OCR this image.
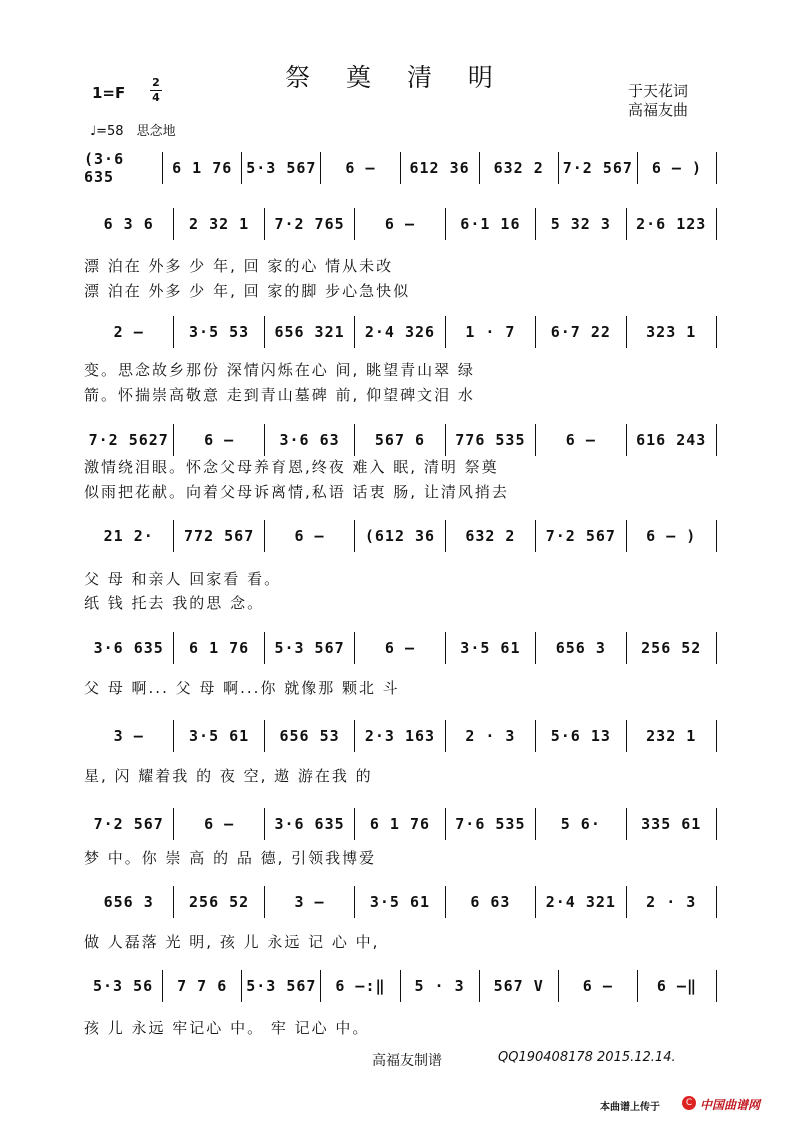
祭 奠 清 明
1=F
2
4	于天花词
高福友曲
♩=58　思念地
(3·6 635	6 1 76 5·3 567	6 –	612 36	632 2	7·2 567	6 – )
6 3 6	2 32 1	7·2 765	6 –	6·1 16	5 32 3	2·6 123
漂 泊在 外多 少 年, 回 家的心 情从未改
漂 泊在 外多 少 年, 回 家的脚 步心急快似
2 –	3·5 53	656 321	2·4 326	1 · 7	6·7 22	323 1
变。思念故乡那份 深情闪烁在心 间, 眺望青山翠 绿
箭。怀揣崇高敬意 走到青山墓碑 前, 仰望碑文泪 水
7·2 5627	6 –	3·6 63	567 6	776 535	6 –	616 243
激情绕泪眼。怀念父母养育恩,终夜 难入 眠, 清明 祭奠
似雨把花献。向着父母诉离情,私语 话衷 肠, 让清风捎去
21 2·	772 567	6 –	(612 36	632 2	7·2 567	6 – )
父 母 和亲人 回家看 看。
纸 钱 托去 我的思 念。
3·6 635	6 1 76	5·3 567	6 –	3·5 61	656 3	256 52
父 母 啊... 父 母 啊...你 就像那 颗北 斗
3 –	3·5 61	656 53	2·3 163	2 · 3	5·6 13	232 1
星, 闪 耀着我 的 夜 空, 遨 游在我 的
7·2 567	6 –	3·6 635	6 1 76	7·6 535	5 6·	335 61
梦 中。你 崇 高 的 品 德, 引领我博爱
656 3	256 52	3 –	3·5 61	6 63	2·4 321	2 · 3
做 人磊落 光 明, 孩 儿 永远 记 心 中,
5·3 56	7 7 6	5·3 567	6 –:‖	5 · 3	567 V	6 –	6 –‖
孩 儿 永远 牢记心 中。 牢 记心 中。
高福友制谱	QQ190408178 2015.12.14.
本曲谱上传于	C 中国曲谱网
